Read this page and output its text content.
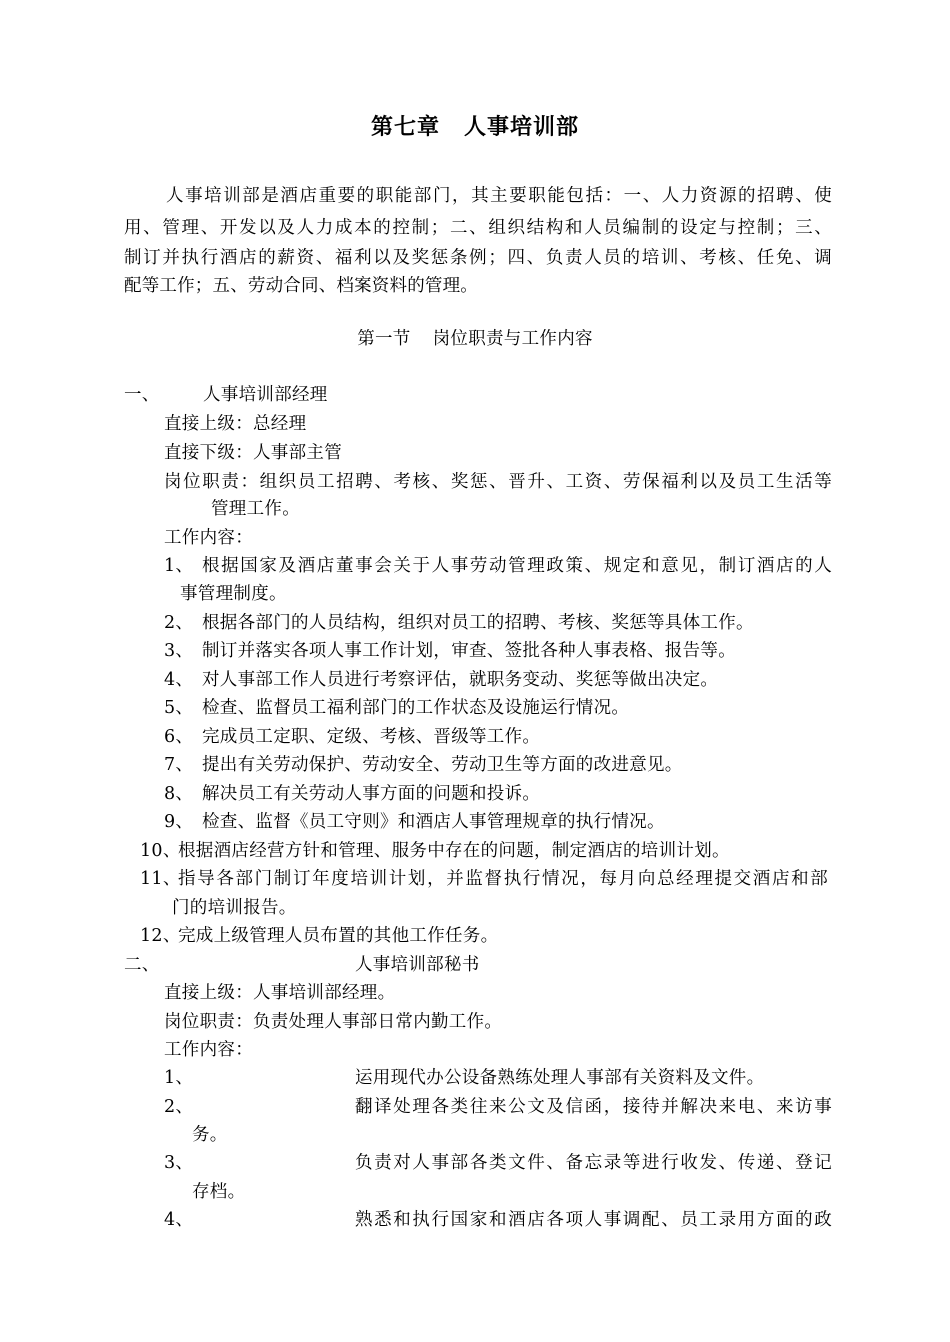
第七章 人事培训部
人事培训部是酒店重要的职能部门，其主要职能包括：一、人力资源的招聘、使
用、管理、开发以及人力成本的控制；二、组织结构和人员编制的设定与控制；三、
制订并执行酒店的薪资、福利以及奖惩条例；四、负责人员的培训、考核、任免、调
配等工作；五、劳动合同、档案资料的管理。
第一节 岗位职责与工作内容
一、 人事培训部经理
直接上级：总经理
直接下级：人事部主管
岗位职责：组织员工招聘、考核、奖惩、晋升、工资、劳保福利以及员工生活等
管理工作。
工作内容：
1、 根据国家及酒店董事会关于人事劳动管理政策、规定和意见，制订酒店的人
事管理制度。
2、 根据各部门的人员结构，组织对员工的招聘、考核、奖惩等具体工作。
3、 制订并落实各项人事工作计划，审查、签批各种人事表格、报告等。
4、 对人事部工作人员进行考察评估，就职务变动、奖惩等做出决定。
5、 检查、监督员工福利部门的工作状态及设施运行情况。
6、 完成员工定职、定级、考核、晋级等工作。
7、 提出有关劳动保护、劳动安全、劳动卫生等方面的改进意见。
8、 解决员工有关劳动人事方面的问题和投诉。
9、 检查、监督《员工守则》和酒店人事管理规章的执行情况。
10、
根据酒店经营方针和管理、服务中存在的问题，制定酒店的培训计划。
11、
指导各部门制订年度培训计划，并监督执行情况，每月向总经理提交酒店和部
门的培训报告。
12、
完成上级管理人员布置的其他工作任务。
二、	人事培训部秘书
直接上级：人事培训部经理。
岗位职责：负责处理人事部日常内勤工作。
工作内容：
1、	运用现代办公设备熟练处理人事部有关资料及文件。
2、	翻译处理各类往来公文及信函，接待并解决来电、来访事
务。
3、	负责对人事部各类文件、备忘录等进行收发、传递、登记
存档。
4、	熟悉和执行国家和酒店各项人事调配、员工录用方面的政
